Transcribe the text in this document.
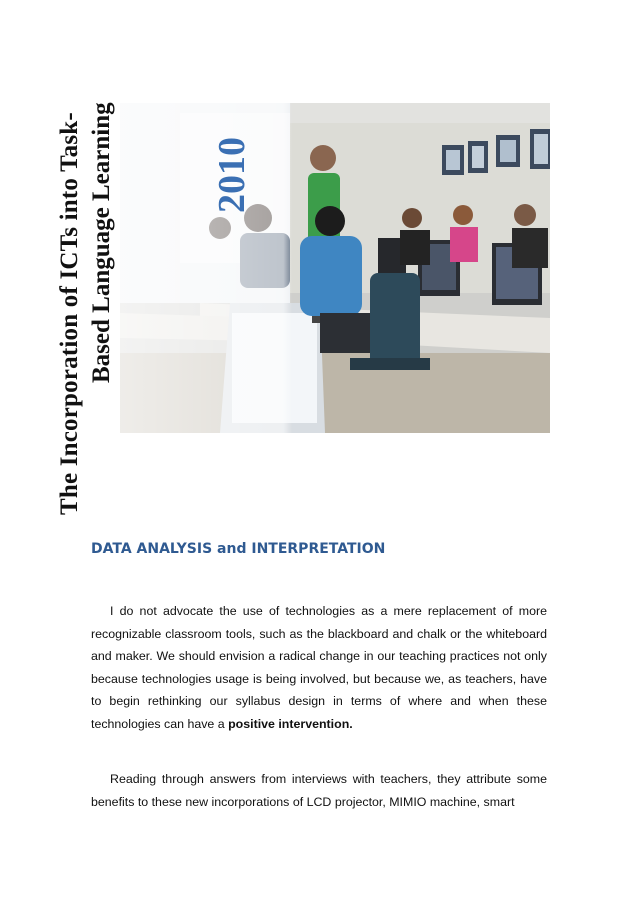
The Incorporation of ICTs into Task- Based Language Learning	2010
DATA ANALYSIS and INTERPRETATION

I do not advocate the use of technologies as a mere replacement of more recognizable classroom tools, such as the blackboard and chalk or the whiteboard and maker. We should envision a radical change in our teaching practices not only because technologies usage is being involved, but because we, as teachers, have to begin rethinking our syllabus design in terms of where and when these technologies can have a positive intervention.

Reading through answers from interviews with teachers, they attribute some benefits to these new incorporations of LCD projector, MIMIO machine, smart
